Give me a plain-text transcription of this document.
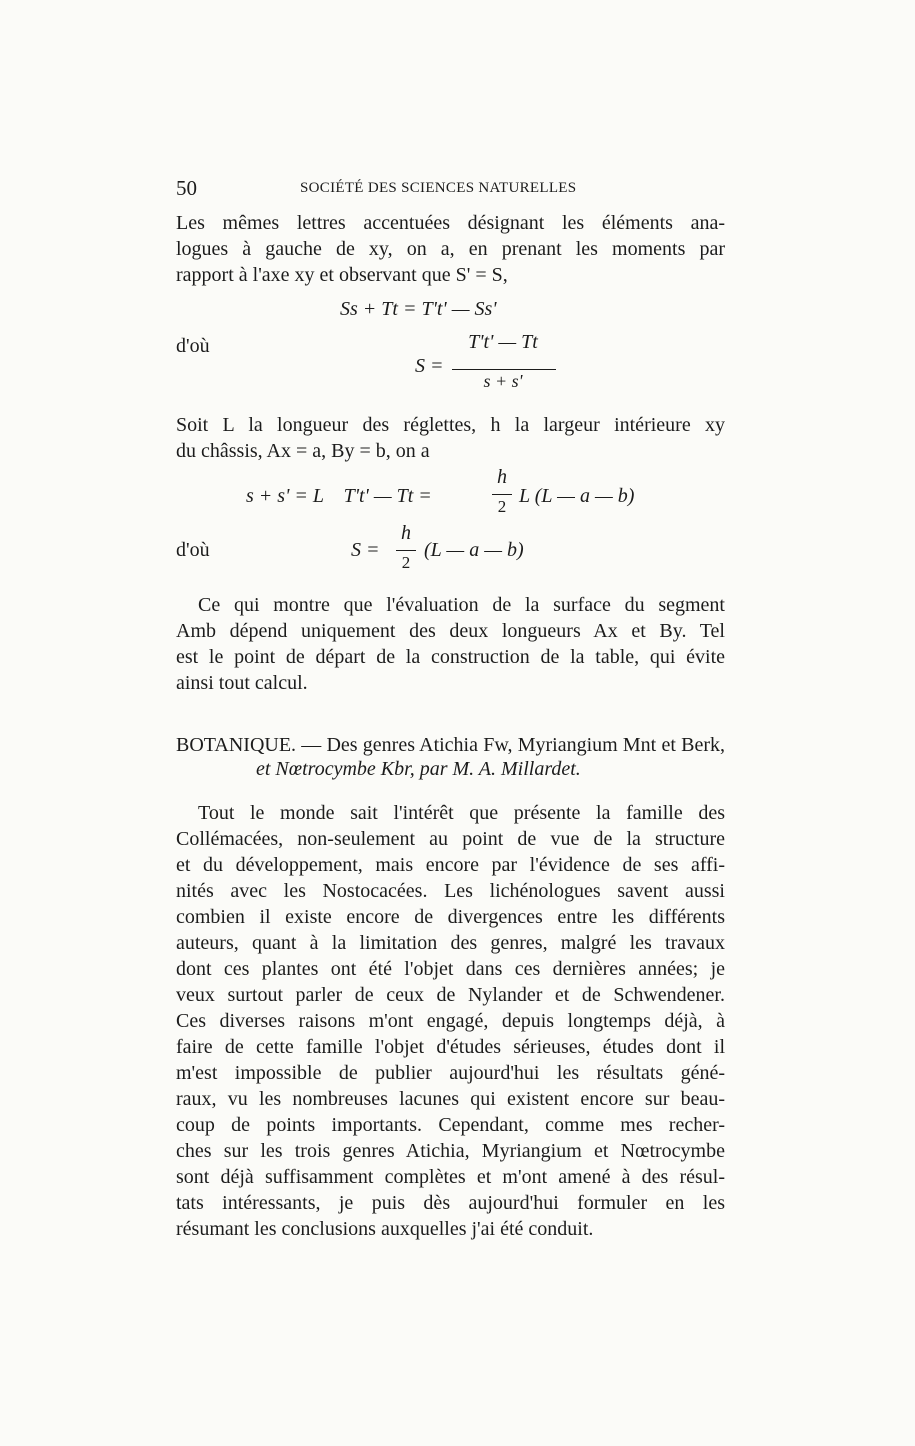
50	SOCIÉTÉ DES SCIENCES NATURELLES
Les mêmes lettres accentuées désignant les éléments ana-
logues à gauche de xy, on a, en prenant les moments par
rapport à l'axe xy et observant que S' = S,
Ss + Tt = T't' — Ss'
d'où
S =
T't' — Tt
s + s'
Soit L la longueur des réglettes, h la largeur intérieure xy
du châssis, Ax = a, By = b, on a
s + s' = L    T't' — Tt =
h
2 L (L — a — b)
d'où	S =
h
2
(L — a — b)
Ce qui montre que l'évaluation de la surface du segment
Amb dépend uniquement des deux longueurs Ax et By. Tel
est le point de départ de la construction de la table, qui évite
ainsi tout calcul.
BOTANIQUE. — Des genres Atichia Fw, Myriangium Mnt et Berk,
et Nœtrocymbe Kbr, par M. A. Millardet.
Tout le monde sait l'intérêt que présente la famille des
Collémacées, non-seulement au point de vue de la structure
et du développement, mais encore par l'évidence de ses affi-
nités avec les Nostocacées. Les lichénologues savent aussi
combien il existe encore de divergences entre les différents
auteurs, quant à la limitation des genres, malgré les travaux
dont ces plantes ont été l'objet dans ces dernières années; je
veux surtout parler de ceux de Nylander et de Schwendener.
Ces diverses raisons m'ont engagé, depuis longtemps déjà, à
faire de cette famille l'objet d'études sérieuses, études dont il
m'est impossible de publier aujourd'hui les résultats géné-
raux, vu les nombreuses lacunes qui existent encore sur beau-
coup de points importants. Cependant, comme mes recher-
ches sur les trois genres Atichia, Myriangium et Nœtrocymbe
sont déjà suffisamment complètes et m'ont amené à des résul-
tats intéressants, je puis dès aujourd'hui formuler en les
résumant les conclusions auxquelles j'ai été conduit.
